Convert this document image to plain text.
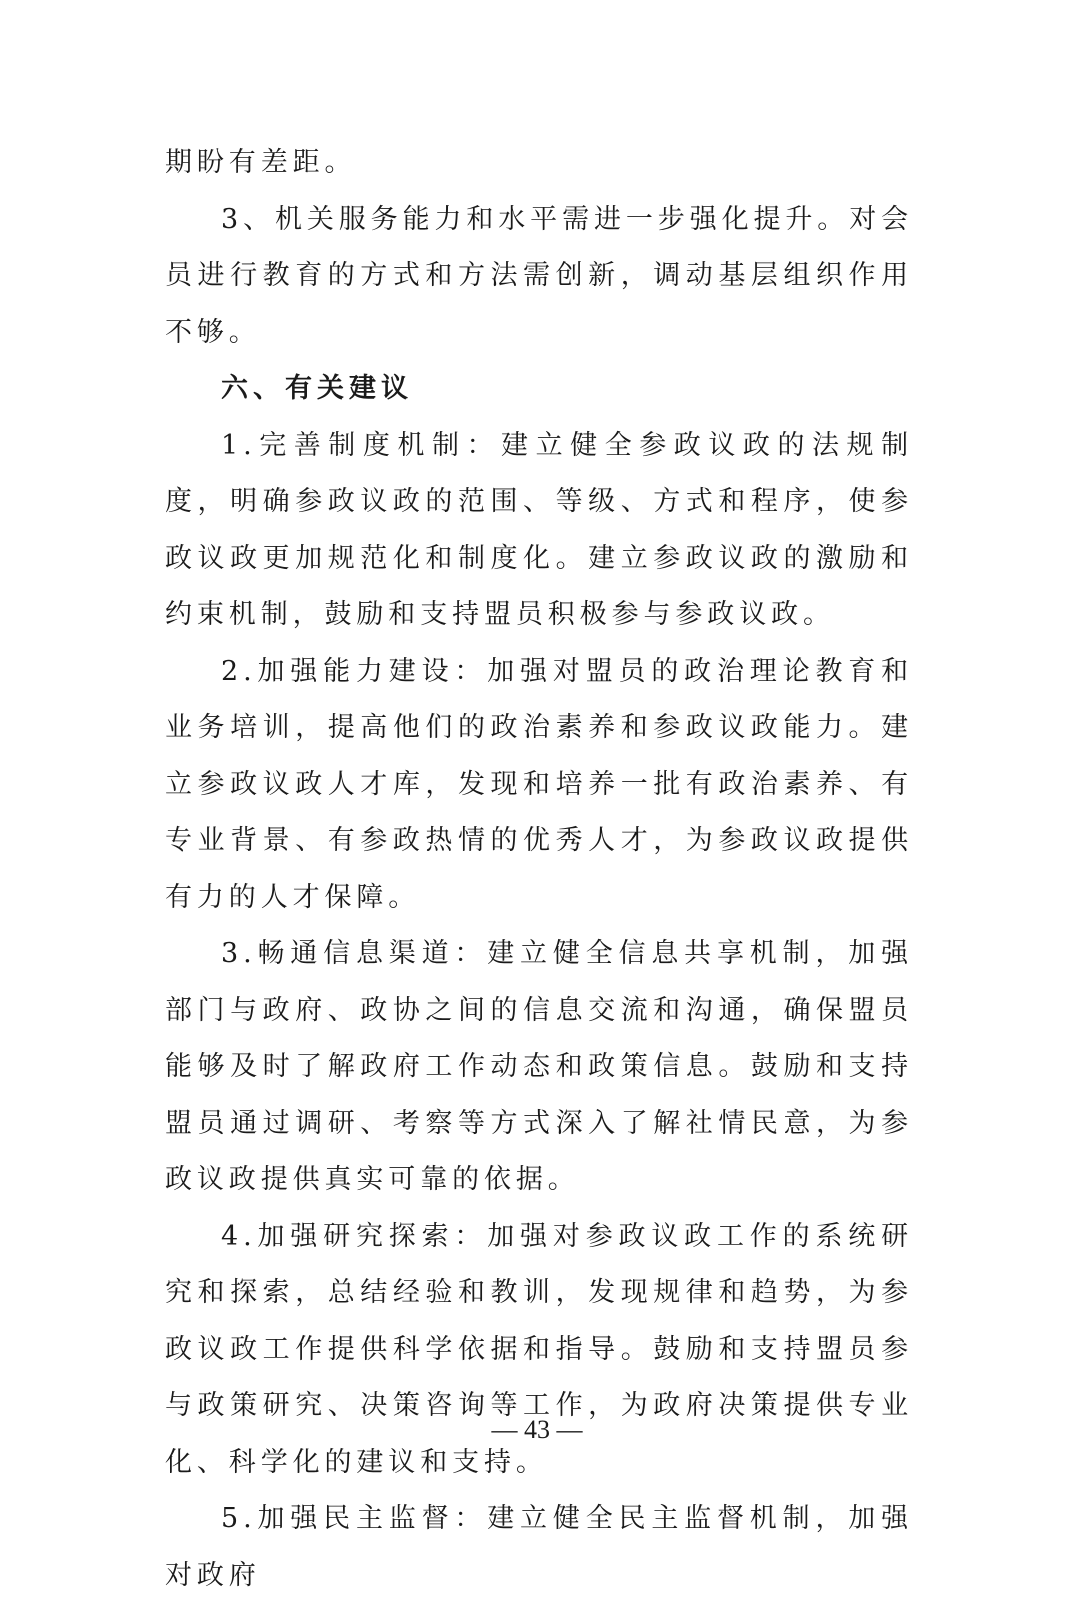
期盼有差距。

3、机关服务能力和水平需进一步强化提升。对会员进行教育的方式和方法需创新，调动基层组织作用不够。

六、有关建议

1.完善制度机制：建立健全参政议政的法规制度，明确参政议政的范围、等级、方式和程序，使参政议政更加规范化和制度化。建立参政议政的激励和约束机制，鼓励和支持盟员积极参与参政议政。

2.加强能力建设：加强对盟员的政治理论教育和业务培训，提高他们的政治素养和参政议政能力。建立参政议政人才库，发现和培养一批有政治素养、有专业背景、有参政热情的优秀人才，为参政议政提供有力的人才保障。

3.畅通信息渠道：建立健全信息共享机制，加强部门与政府、政协之间的信息交流和沟通，确保盟员能够及时了解政府工作动态和政策信息。鼓励和支持盟员通过调研、考察等方式深入了解社情民意，为参政议政提供真实可靠的依据。

4.加强研究探索：加强对参政议政工作的系统研究和探索，总结经验和教训，发现规律和趋势，为参政议政工作提供科学依据和指导。鼓励和支持盟员参与政策研究、决策咨询等工作，为政府决策提供专业化、科学化的建议和支持。

5.加强民主监督：建立健全民主监督机制，加强对政府

— 43 —
